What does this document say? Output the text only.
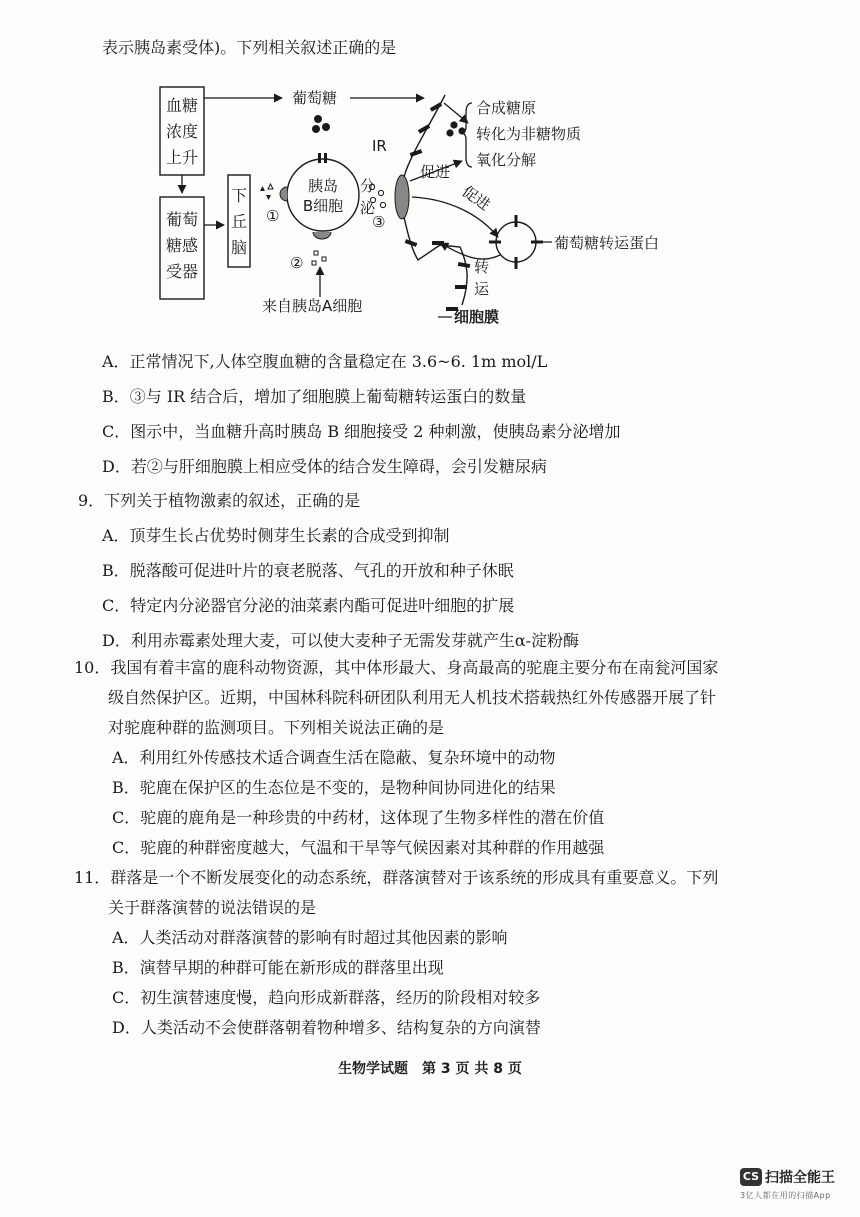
表示胰岛素受体)。下列相关叙述正确的是
血糖
浓度
上升
葡萄糖
葡萄
糖感
受器
下
丘
脑
①
胰岛
B细胞
②
来自胰岛A细胞
分
泌
③
IR
合成糖原
转化为非糖物质
氧化分解
促进
促进
葡萄糖转运蛋白
转
运
细胞膜
A．正常情况下,人体空腹血糖的含量稳定在 3.6~6. 1m mol/L
B．③与 IR 结合后，增加了细胞膜上葡萄糖转运蛋白的数量
C．图示中，当血糖升高时胰岛 B 细胞接受 2 种刺激，使胰岛素分泌增加
D．若②与肝细胞膜上相应受体的结合发生障碍，会引发糖尿病
9．下列关于植物激素的叙述，正确的是
A．顶芽生长占优势时侧芽生长素的合成受到抑制
B．脱落酸可促进叶片的衰老脱落、气孔的开放和种子休眠
C．特定内分泌器官分泌的油菜素内酯可促进叶细胞的扩展
D．利用赤霉素处理大麦，可以使大麦种子无需发芽就产生α-淀粉酶
10．我国有着丰富的鹿科动物资源，其中体形最大、身高最高的驼鹿主要分布在南瓮河国家
级自然保护区。近期，中国林科院科研团队利用无人机技术搭载热红外传感器开展了针
对驼鹿种群的监测项目。下列相关说法正确的是
A．利用红外传感技术适合调查生活在隐蔽、复杂环境中的动物
B．驼鹿在保护区的生态位是不变的，是物种间协同进化的结果
C．驼鹿的鹿角是一种珍贵的中药材，这体现了生物多样性的潜在价值
C．驼鹿的种群密度越大，气温和干旱等气候因素对其种群的作用越强
11．群落是一个不断发展变化的动态系统，群落演替对于该系统的形成具有重要意义。下列
关于群落演替的说法错误的是
A．人类活动对群落演替的影响有时超过其他因素的影响
B．演替早期的种群可能在新形成的群落里出现
C．初生演替速度慢，趋向形成新群落，经历的阶段相对较多
D．人类活动不会使群落朝着物种增多、结构复杂的方向演替
生物学试题　第 3 页 共 8 页
CS 扫描全能王
3亿人都在用的扫描App
